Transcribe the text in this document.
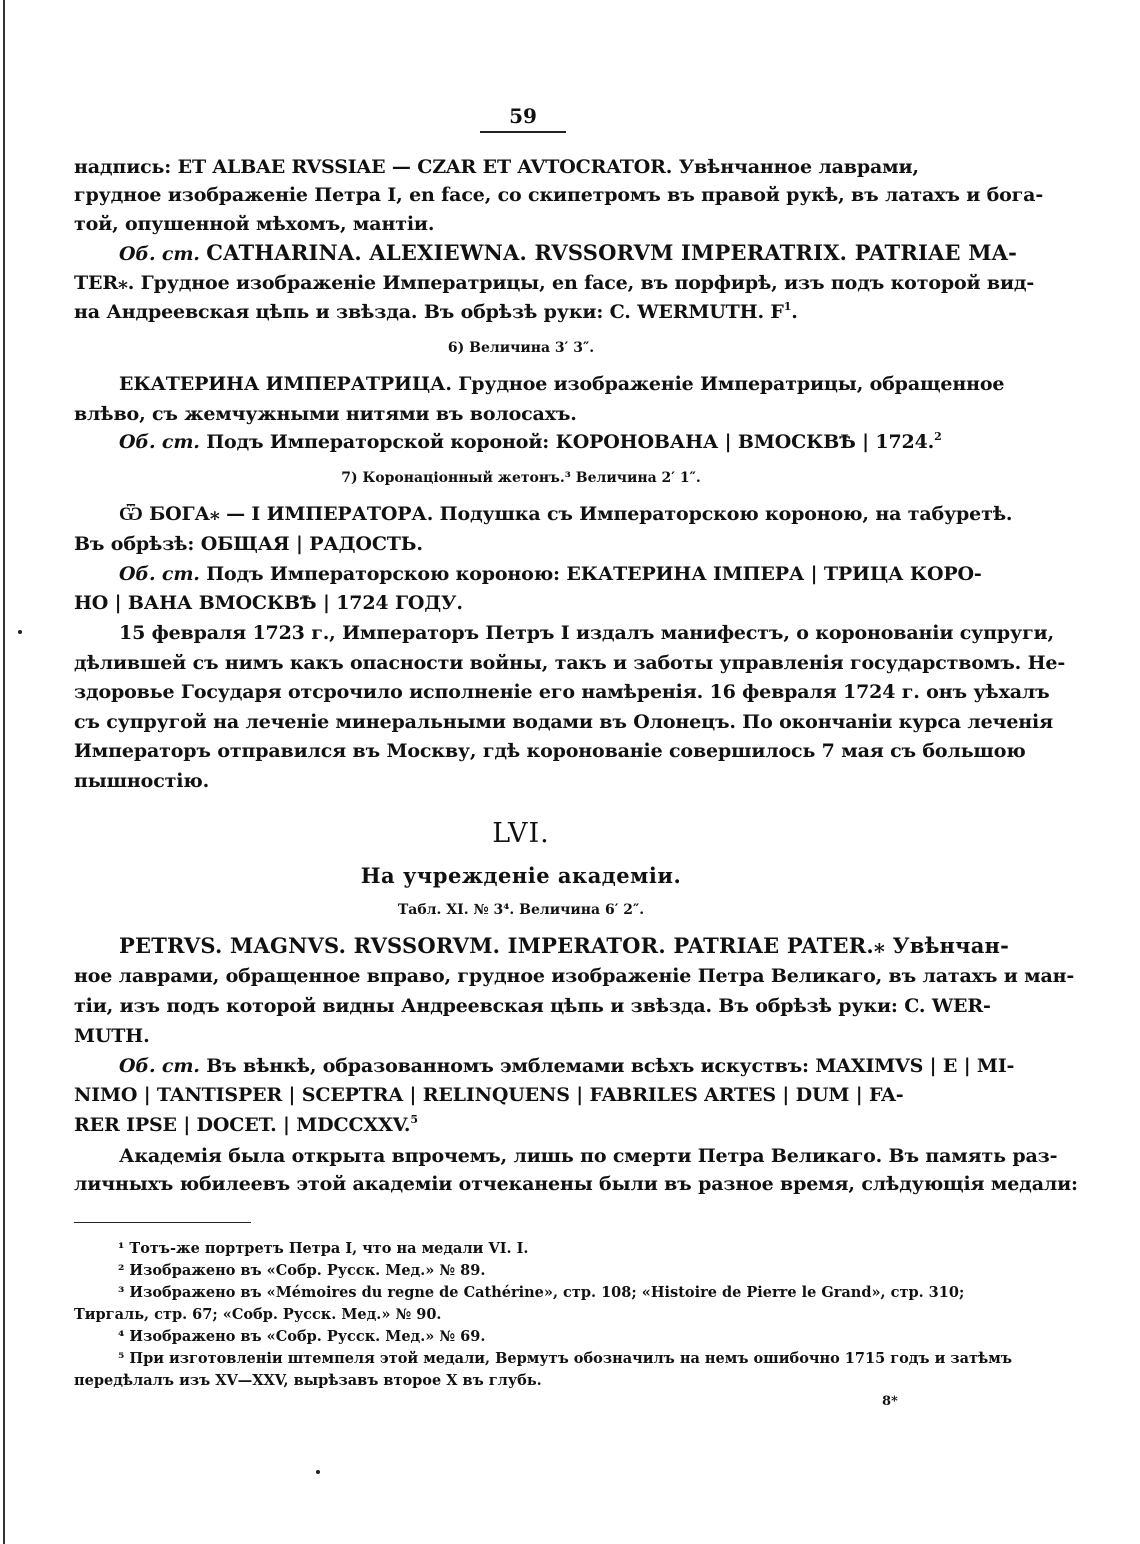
59
надпись: ET ALBAE RVSSIAE — CZAR ET AVTOCRATOR. Увѣнчанное лаврами,
грудное изображеніе Петра I, en face, со скипетромъ въ правой рукѣ, въ латахъ и бога-
той, опушенной мѣхомъ, мантіи.
Об. ст. CATHARINA. ALEXIEWNA. RVSSORVM IMPERATRIX. PATRIAE MA-
TER⁎. Грудное изображеніе Императрицы, en face, въ порфирѣ, изъ подъ которой вид-
на Андреевская цѣпь и звѣзда. Въ обрѣзѣ руки: C. WERMUTH. $F^1$.
6) Величина 3′ 3″.
ЕКАТЕРИНА ИМПЕРАТРИЦА. Грудное изображеніе Императрицы, обращенное
влѣво, съ жемчужными нитями въ волосахъ.
Об. ст. Подъ Императорской короной: КОРОНОВАНА | ВМОСКВѢ | 1724.$^2$
7) Коронаціонный жетонъ.³ Величина 2′ 1″.
Ѿ БОГА⁎ — I ИМПЕРАТОРА. Подушка съ Императорскою короною, на табуретѣ.
Въ обрѣзѣ: ОБЩАЯ | РАДОСТЬ.
Об. ст. Подъ Императорскою короною: ЕКАТЕРИНА ІМПЕРА | ТРИЦА КОРО-
НО | ВАНА ВМОСКВѢ | 1724 ГОДУ.
15 февраля 1723 г., Императоръ Петръ I издалъ манифестъ, о коронованіи супруги,
дѣлившей съ нимъ какъ опасности войны, такъ и заботы управленія государствомъ. Не-
здоровье Государя отсрочило исполненіе его намѣренія. 16 февраля 1724 г. онъ уѣхалъ
съ супругой на леченіе минеральными водами въ Олонецъ. По окончаніи курса леченія
Императоръ отправился въ Москву, гдѣ коронованіе совершилось 7 мая съ большою
пышностію.
LVI.
На учрежденіе академіи.
Табл. XI. № 3⁴. Величина 6′ 2″.
PETRVS. MAGNVS. RVSSORVM. IMPERATOR. PATRIAE PATER.⁎ Увѣнчан-
ное лаврами, обращенное вправо, грудное изображеніе Петра Великаго, въ латахъ и ман-
тіи, изъ подъ которой видны Андреевская цѣпь и звѣзда. Въ обрѣзѣ руки: C. WER-
MUTH.
Об. ст. Въ вѣнкѣ, образованномъ эмблемами всѣхъ искуствъ: MAXIMVS | E | MI-
NIMO | TANTISPER | SCEPTRA | RELINQUENS | FABRILES ARTES | DUM | FA-
RER IPSE | DOCET. | MDCCXXV.$^5$
Академія была открыта впрочемъ, лишь по смерти Петра Великаго. Въ память раз-
личныхъ юбилеевъ этой академіи отчеканены были въ разное время, слѣдующія медали:
¹ Тотъ-же портретъ Петра I, что на медали VI. I.
² Изображено въ «Собр. Русск. Мед.» № 89.
³ Изображено въ «Mémoires du regne de Cathérine», стр. 108; «Histoire de Pierre le Grand», стр. 310;
Тиргаль, стр. 67; «Собр. Русск. Мед.» № 90.
⁴ Изображено въ «Собр. Русск. Мед.» № 69.
⁵ При изготовленіи штемпеля этой медали, Вермутъ обозначилъ на немъ ошибочно 1715 годъ и затѣмъ
передѣлалъ изъ XV—XXV, вырѣзавъ второе X въ глубь.
8*
